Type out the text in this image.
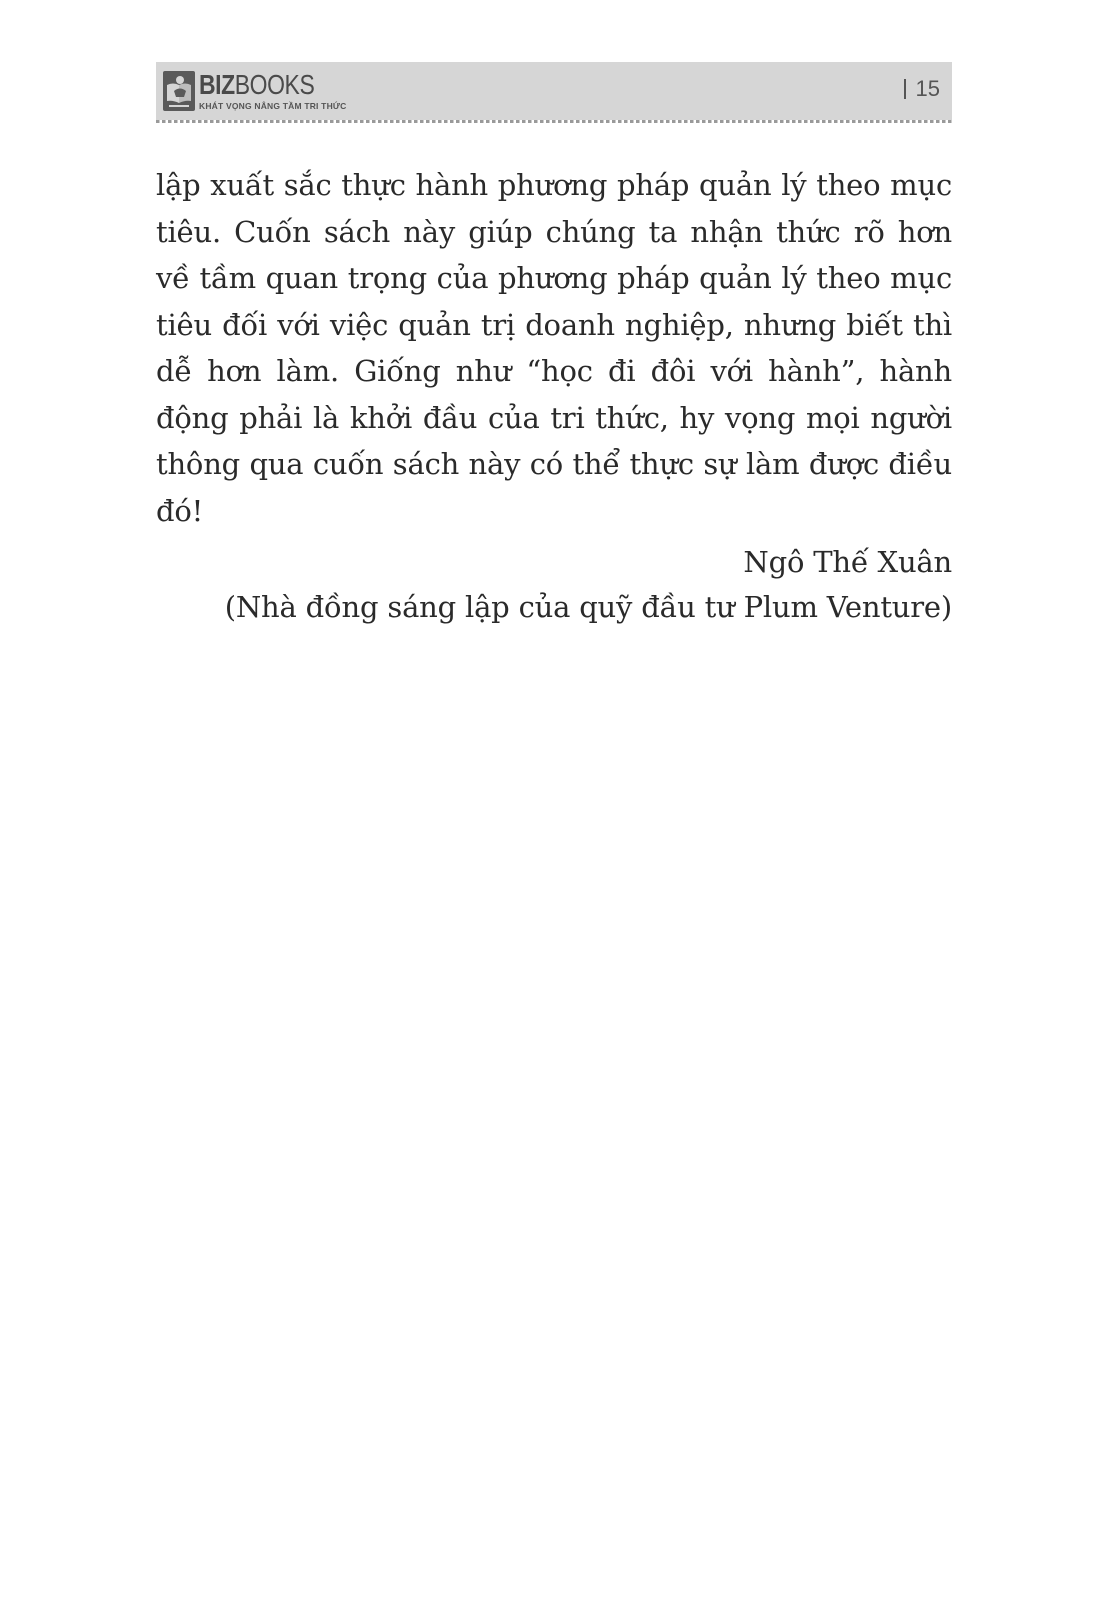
BIZBOOKS
KHÁT VỌNG NÂNG TẦM TRI THỨC
15

lập xuất sắc thực hành phương pháp quản lý theo mục tiêu. Cuốn sách này giúp chúng ta nhận thức rõ hơn về tầm quan trọng của phương pháp quản lý theo mục tiêu đối với việc quản trị doanh nghiệp, nhưng biết thì dễ hơn làm. Giống như “học đi đôi với hành”, hành động phải là khởi đầu của tri thức, hy vọng mọi người thông qua cuốn sách này có thể thực sự làm được điều đó!

Ngô Thế Xuân
(Nhà đồng sáng lập của quỹ đầu tư Plum Venture)
